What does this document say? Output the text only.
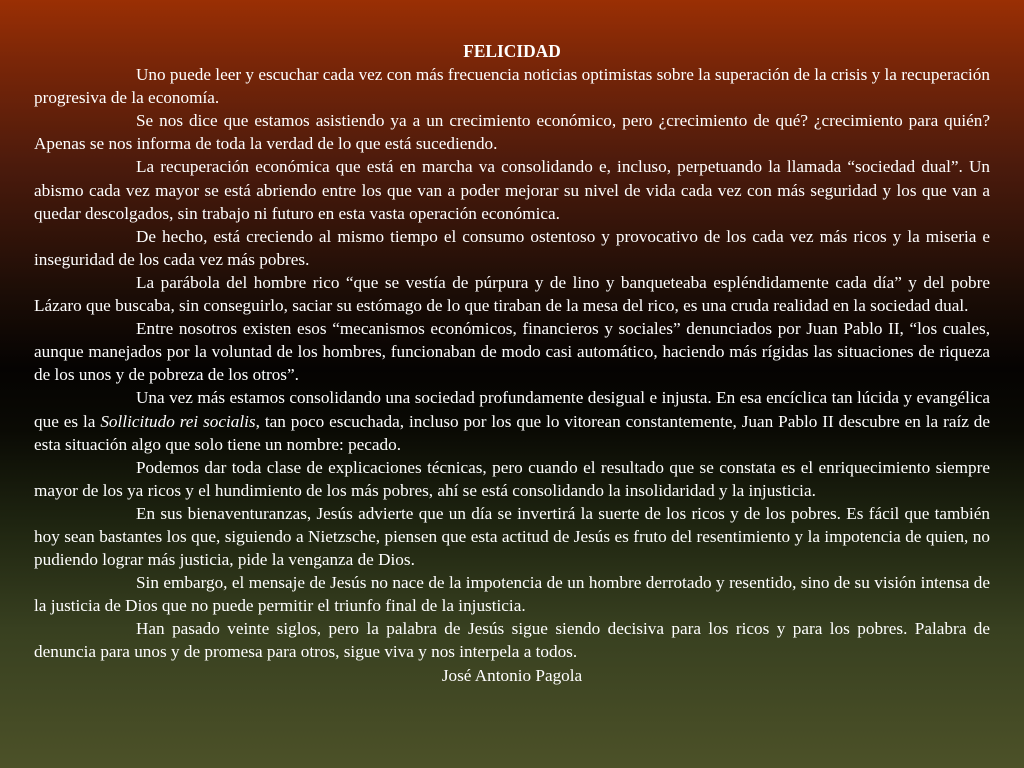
FELICIDAD

Uno puede leer y escuchar cada vez con más frecuencia noticias optimistas sobre la superación de la crisis y la recuperación progresiva de la economía.

Se nos dice que estamos asistiendo ya a un crecimiento económico, pero ¿crecimiento de qué? ¿crecimiento para quién? Apenas se nos informa de toda la verdad de lo que está sucediendo.

La recuperación económica que está en marcha va consolidando e, incluso, perpetuando la llamada “sociedad dual”. Un abismo cada vez mayor se está abriendo entre los que van a poder mejorar su nivel de vida cada vez con más seguridad y los que van a quedar descolgados, sin trabajo ni futuro en esta vasta operación económica.

De hecho, está creciendo al mismo tiempo el consumo ostentoso y provocativo de los cada vez más ricos y la miseria e inseguridad de los cada vez más pobres.

La parábola del hombre rico “que se vestía de púrpura y de lino y banqueteaba espléndidamente cada día” y del pobre Lázaro que buscaba, sin conseguirlo, saciar su estómago de lo que tiraban de la mesa del rico, es una cruda realidad en la sociedad dual.

Entre nosotros existen esos “mecanismos económicos, financieros y sociales” denunciados por Juan Pablo II, “los cuales, aunque manejados por la voluntad de los hombres, funcionaban de modo casi automático, haciendo más rígidas las situaciones de riqueza de los unos y de pobreza de los otros”.

Una vez más estamos consolidando una sociedad profundamente desigual e injusta. En esa encíclica tan lúcida y evangélica que es la Sollicitudo rei socialis, tan poco escuchada, incluso por los que lo vitorean constantemente, Juan Pablo II descubre en la raíz de esta situación algo que solo tiene un nombre: pecado.

Podemos dar toda clase de explicaciones técnicas, pero cuando el resultado que se constata es el enriquecimiento siempre mayor de los ya ricos y el hundimiento de los más pobres, ahí se está consolidando la insolidaridad y la injusticia.

En sus bienaventuranzas, Jesús advierte que un día se invertirá la suerte de los ricos y de los pobres. Es fácil que también hoy sean bastantes los que, siguiendo a Nietzsche, piensen que esta actitud de Jesús es fruto del resentimiento y la impotencia de quien, no pudiendo lograr más justicia, pide la venganza de Dios.

Sin embargo, el mensaje de Jesús no nace de la impotencia de un hombre derrotado y resentido, sino de su visión intensa de la justicia de Dios que no puede permitir el triunfo final de la injusticia.

Han pasado veinte siglos, pero la palabra de Jesús sigue siendo decisiva para los ricos y para los pobres. Palabra de denuncia para unos y de promesa para otros, sigue viva y nos interpela a todos.

José Antonio Pagola
